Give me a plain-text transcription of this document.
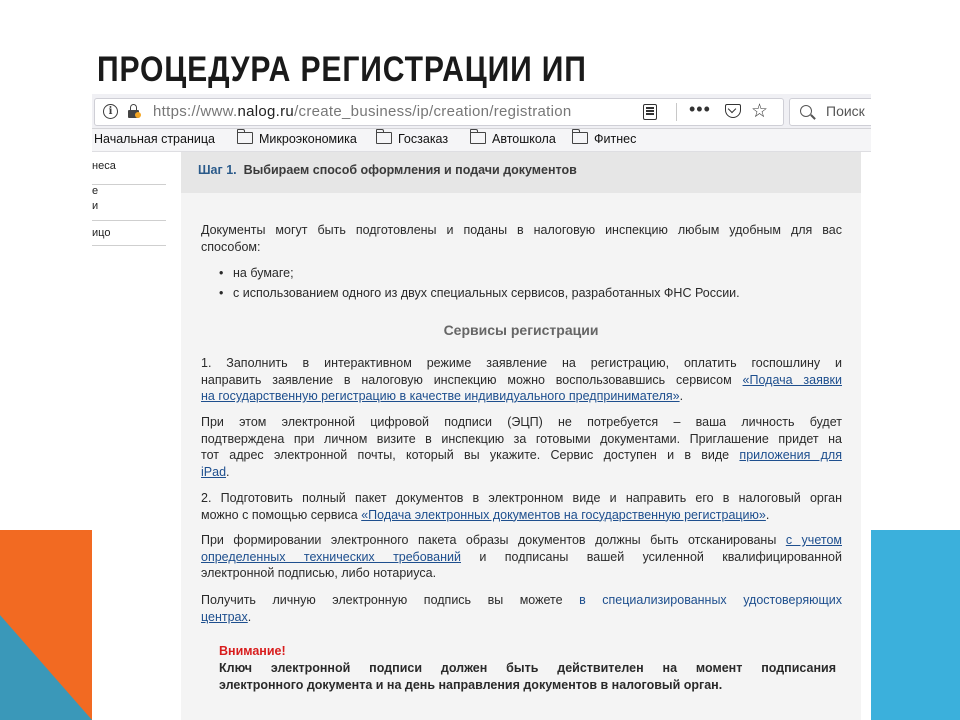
ПРОЦЕДУРА РЕГИСТРАЦИИ ИП
i	https://www.nalog.ru/create_business/ip/creation/registration	••• ☆	Поиск
Начальная страница	Микроэкономика	Госзаказ	Автошкола	Фитнес
неса
е
и
ицо
Шаг 1. Выбираем способ оформления и подачи документов
Документы могут быть подготовлены и поданы в налоговую инспекцию любым удобным для вас
способом:
• на бумаге;
• с использованием одного из двух специальных сервисов, разработанных ФНС России.
Сервисы регистрации
1. Заполнить в интерактивном режиме заявление на регистрацию, оплатить госпошлину и
направить заявление в налоговую инспекцию можно воспользовавшись сервисом «Подача заявки
на государственную регистрацию в качестве индивидуального предпринимателя».
При этом электронной цифровой подписи (ЭЦП) не потребуется – ваша личность будет
подтверждена при личном визите в инспекцию за готовыми документами. Приглашение придет на
тот адрес электронной почты, который вы укажите. Сервис доступен и в виде приложения для
iPad.
2. Подготовить полный пакет документов в электронном виде и направить его в налоговый орган
можно с помощью сервиса «Подача электронных документов на государственную регистрацию».
При формировании электронного пакета образы документов должны быть отсканированы с учетом
определенных технических требований и подписаны вашей усиленной квалифицированной
электронной подписью, либо нотариуса.
Получить личную электронную подпись вы можете в специализированных удостоверяющих
центрах.
Внимание!
Ключ электронной подписи должен быть действителен на момент подписания
электронного документа и на день направления документов в налоговый орган.
